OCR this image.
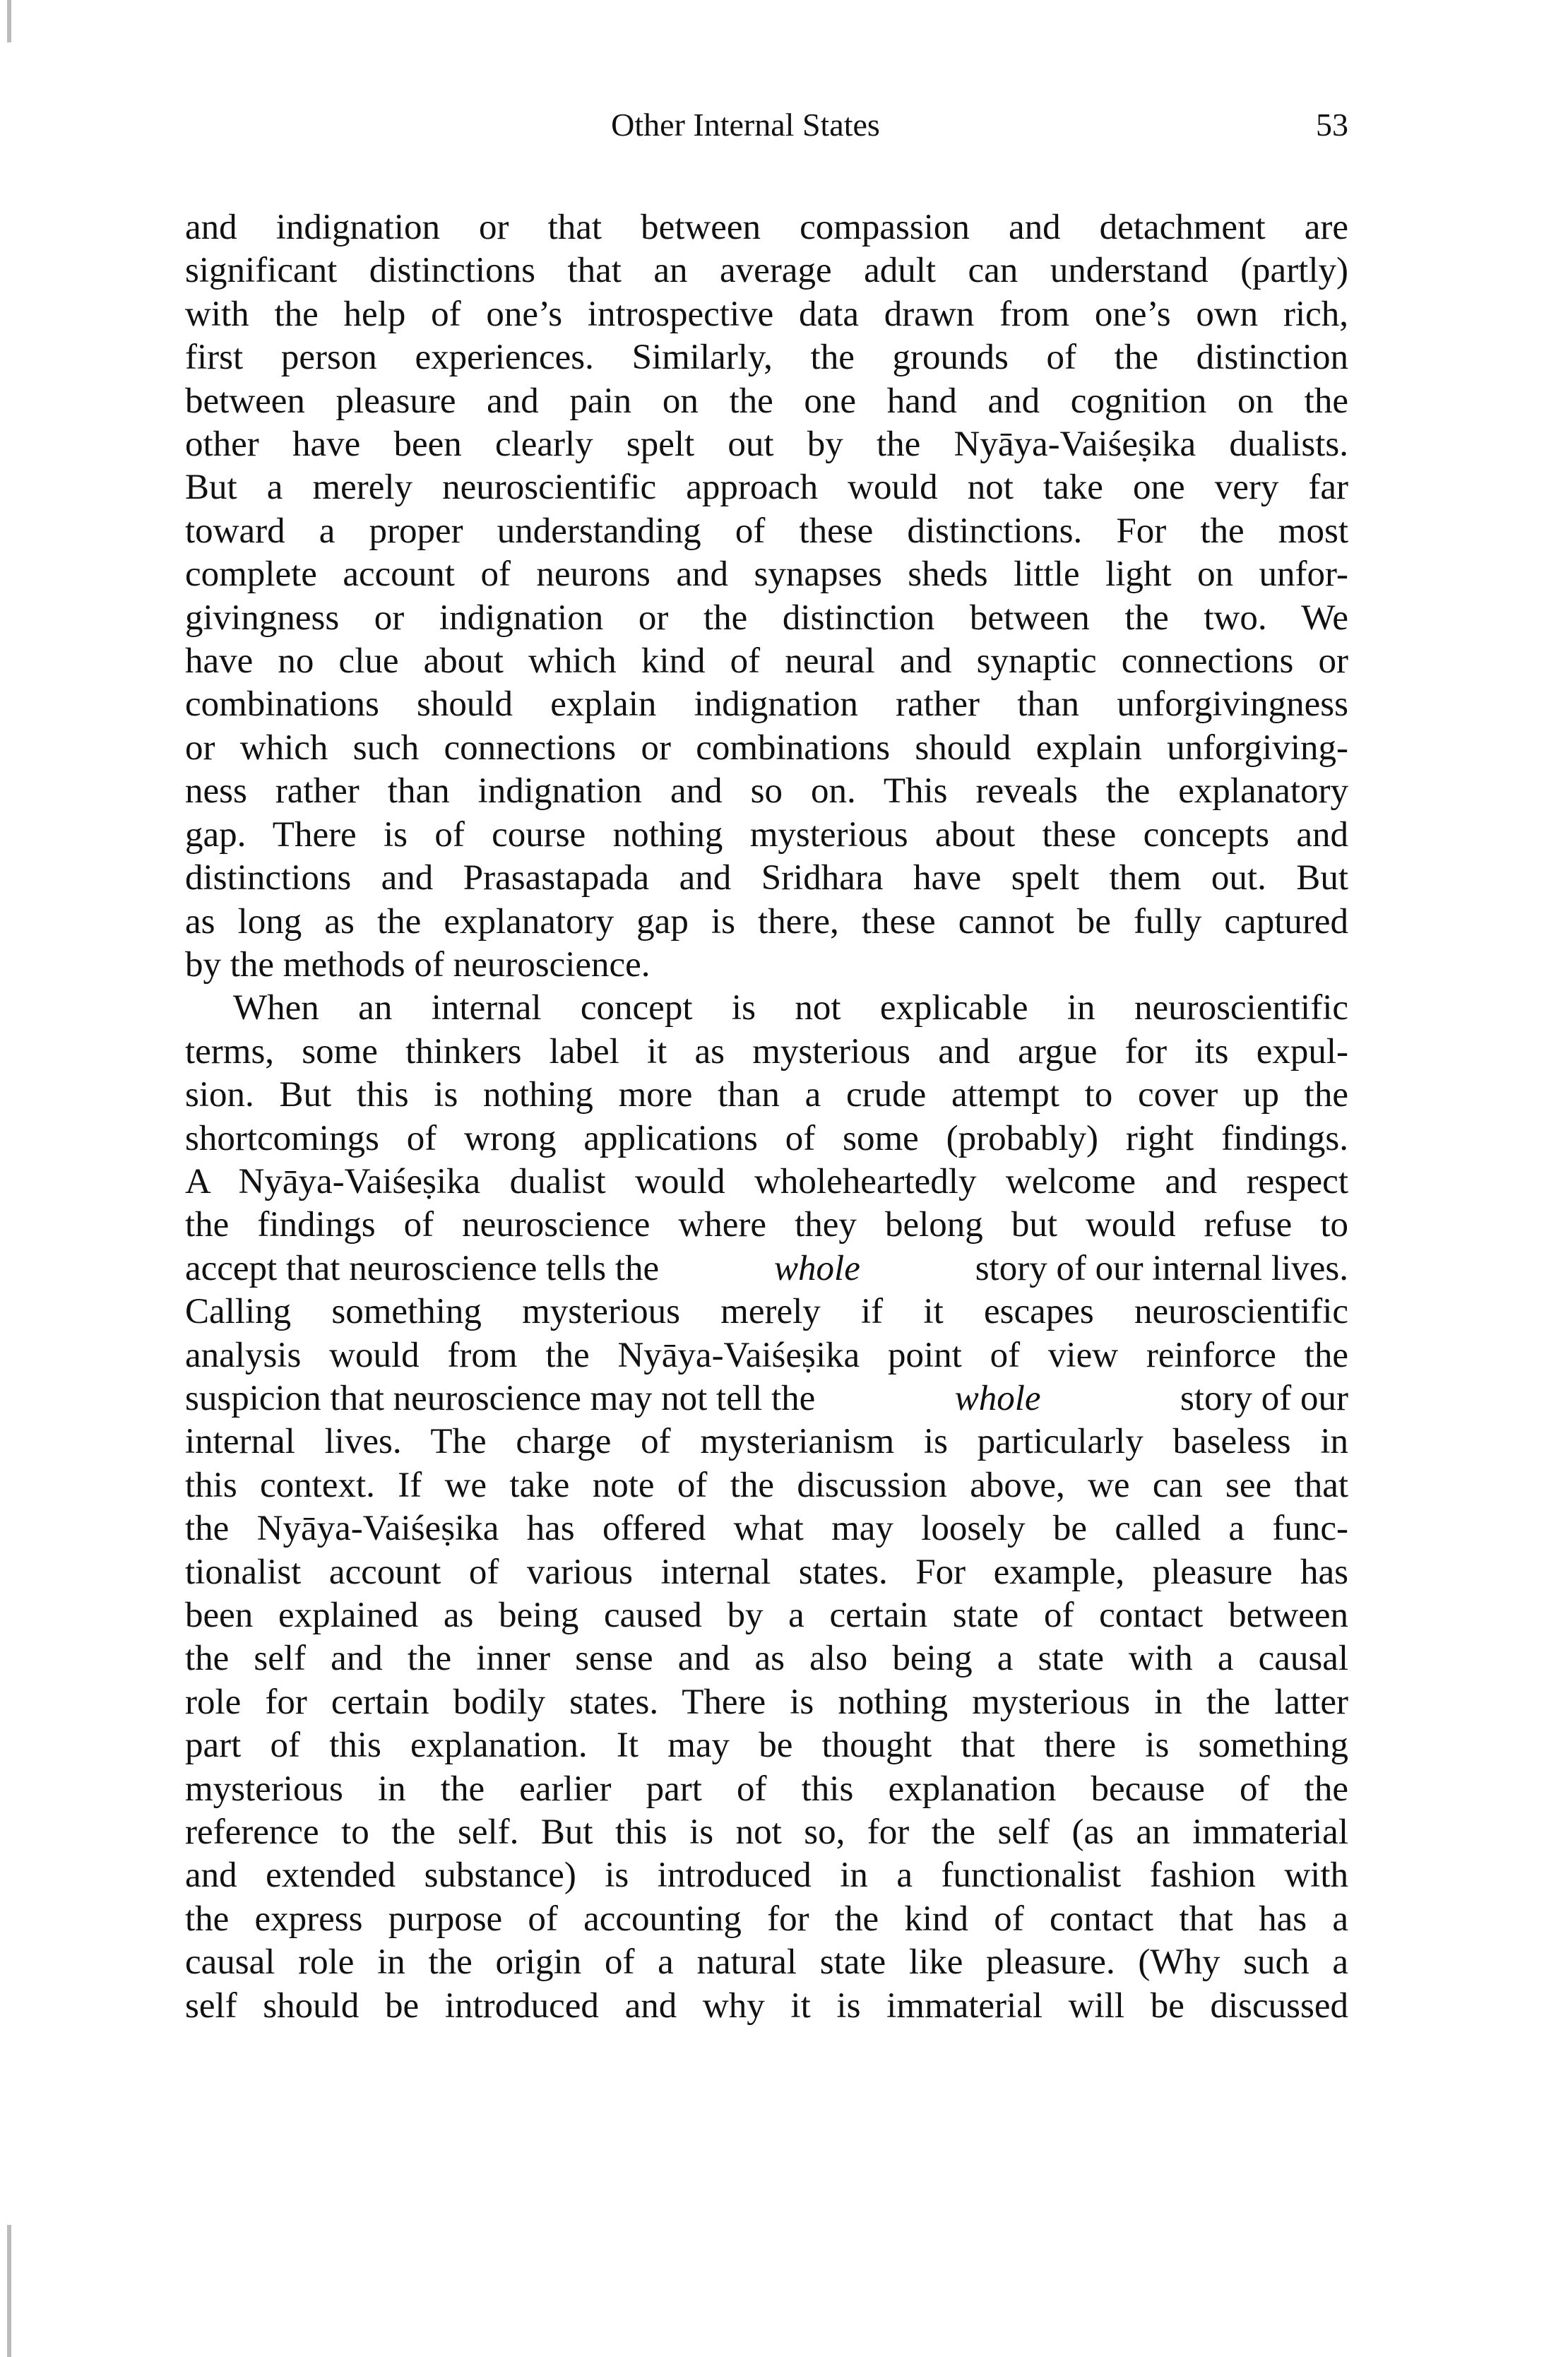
Other Internal States	53
and indignation or that between compassion and detachment are
significant distinctions that an average adult can understand (partly)
with the help of one’s introspective data drawn from one’s own rich,
first person experiences. Similarly, the grounds of the distinction
between pleasure and pain on the one hand and cognition on the
other have been clearly spelt out by the Nyāya-Vaiśeṣika dualists.
But a merely neuroscientific approach would not take one very far
toward a proper understanding of these distinctions. For the most
complete account of neurons and synapses sheds little light on unfor-
givingness or indignation or the distinction between the two. We
have no clue about which kind of neural and synaptic connections or
combinations should explain indignation rather than unforgivingness
or which such connections or combinations should explain unforgiving-
ness rather than indignation and so on. This reveals the explanatory
gap. There is of course nothing mysterious about these concepts and
distinctions and Prasastapada and Sridhara have spelt them out. But
as long as the explanatory gap is there, these cannot be fully captured
by the methods of neuroscience.
When an internal concept is not explicable in neuroscientific
terms, some thinkers label it as mysterious and argue for its expul-
sion. But this is nothing more than a crude attempt to cover up the
shortcomings of wrong applications of some (probably) right findings.
A Nyāya-Vaiśeṣika dualist would wholeheartedly welcome and respect
the findings of neuroscience where they belong but would refuse to
accept that neuroscience tells the	whole	story of our internal lives.
Calling something mysterious merely if it escapes neuroscientific
analysis would from the Nyāya-Vaiśeṣika point of view reinforce the
suspicion that neuroscience may not tell the	whole	story of our
internal lives. The charge of mysterianism is particularly baseless in
this context. If we take note of the discussion above, we can see that
the Nyāya-Vaiśeṣika has offered what may loosely be called a func-
tionalist account of various internal states. For example, pleasure has
been explained as being caused by a certain state of contact between
the self and the inner sense and as also being a state with a causal
role for certain bodily states. There is nothing mysterious in the latter
part of this explanation. It may be thought that there is something
mysterious in the earlier part of this explanation because of the
reference to the self. But this is not so, for the self (as an immaterial
and extended substance) is introduced in a functionalist fashion with
the express purpose of accounting for the kind of contact that has a
causal role in the origin of a natural state like pleasure. (Why such a
self should be introduced and why it is immaterial will be discussed
